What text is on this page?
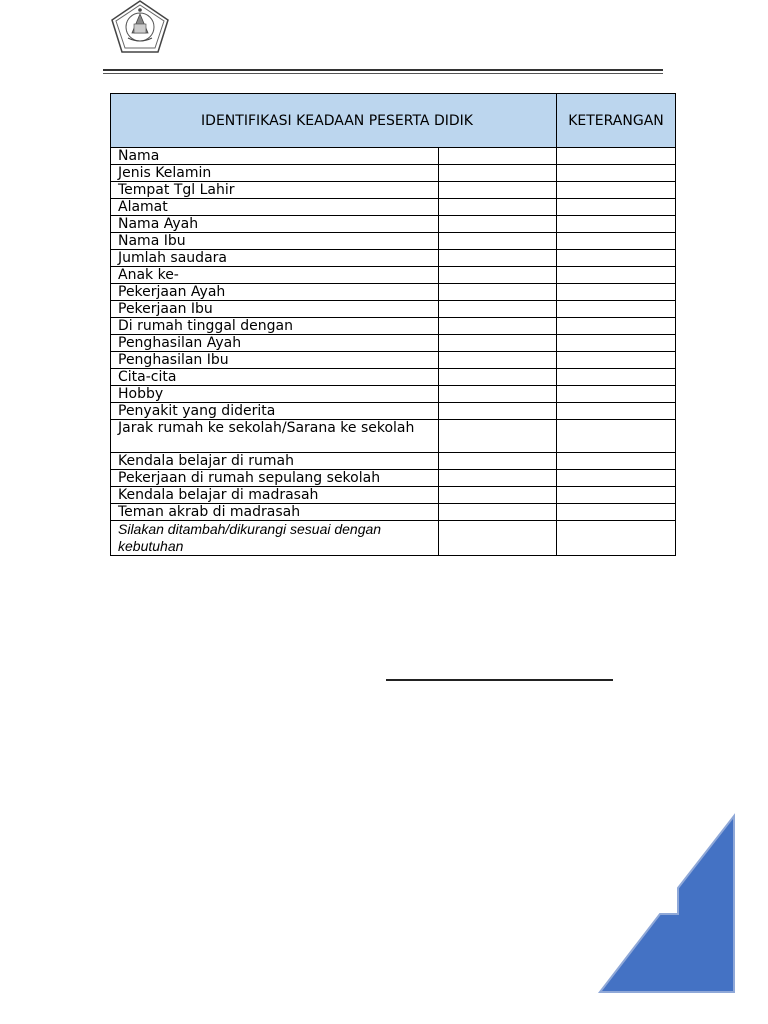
IDENTIFIKASI KEADAAN PESERTA DIDIK		KETERANGAN
Nama		
Jenis Kelamin		
Tempat Tgl Lahir		
Alamat		
Nama Ayah		
Nama Ibu		
Jumlah saudara		
Anak ke-		
Pekerjaan Ayah		
Pekerjaan Ibu		
Di rumah tinggal dengan		
Penghasilan Ayah		
Penghasilan Ibu		
Cita-cita		
Hobby		
Penyakit yang diderita		
Jarak rumah ke sekolah/Sarana ke sekolah		
Kendala belajar di rumah		
Pekerjaan di rumah sepulang sekolah		
Kendala belajar di madrasah		
Teman akrab di madrasah		
Silakan ditambah/dikurangi sesuai dengan kebutuhan		
